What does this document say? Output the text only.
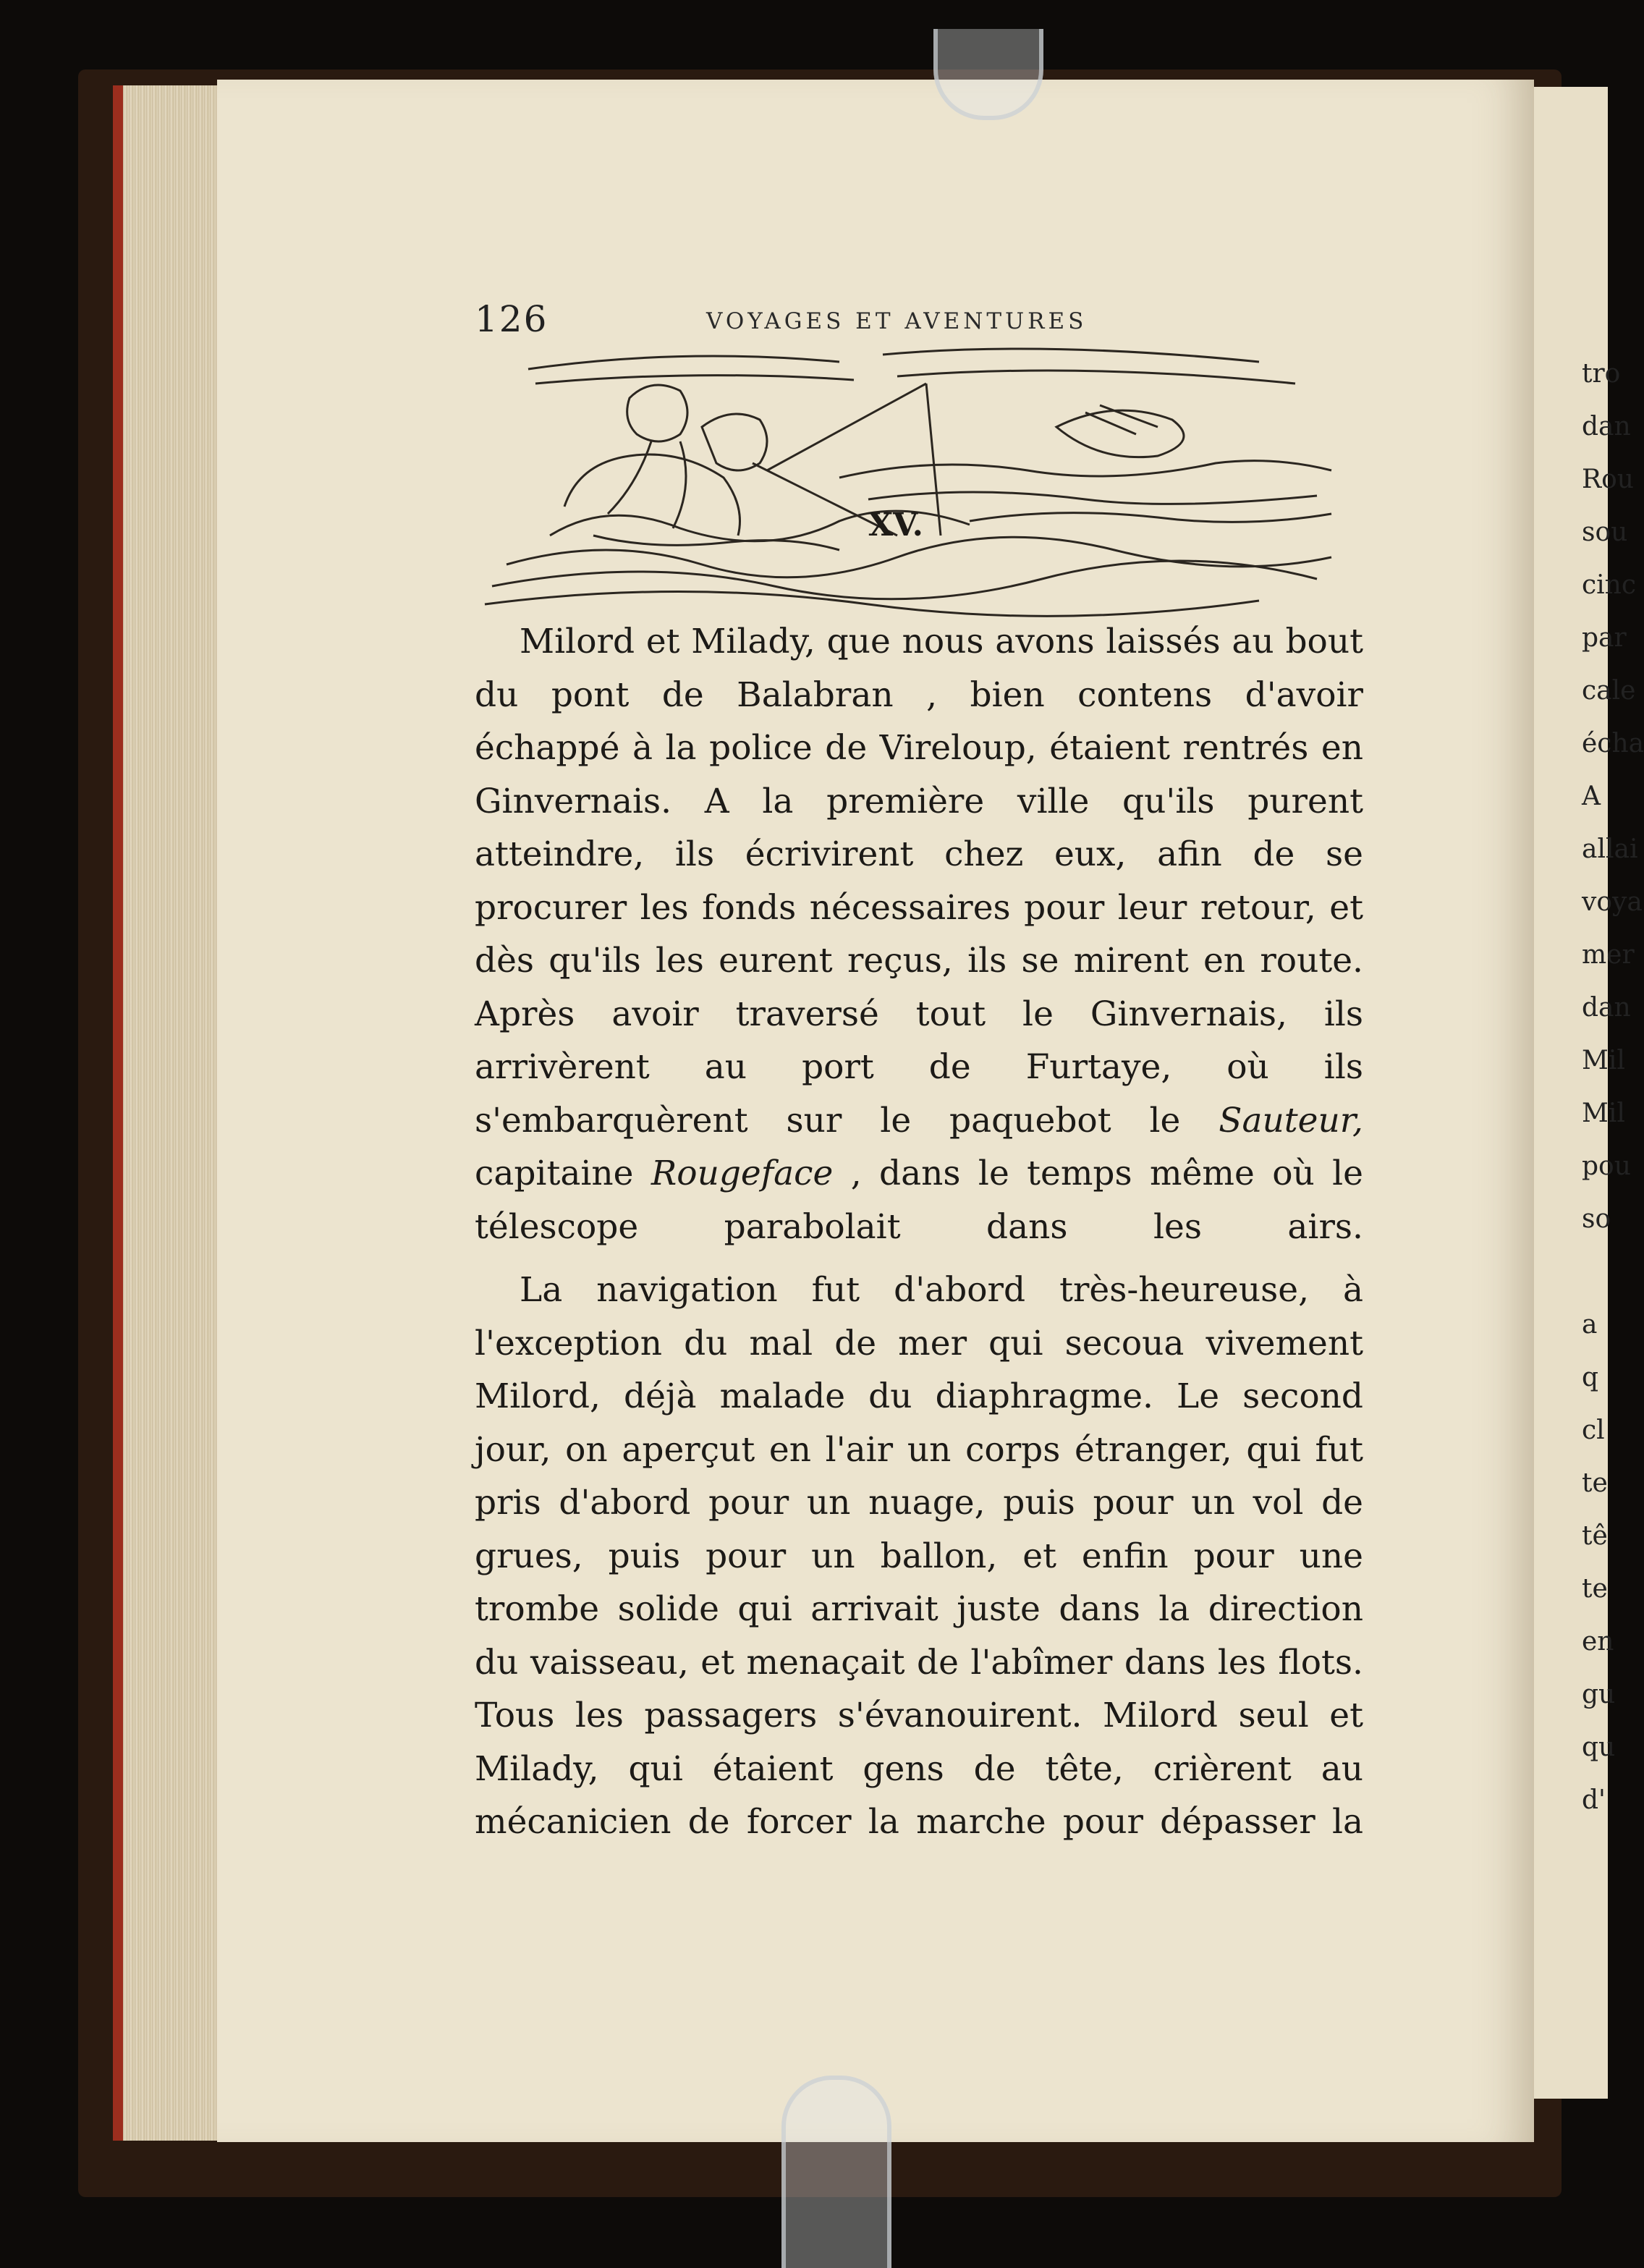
tro
dan
Rou
sou
cinc
par
cale
écha
A
allai
voya
mer
dan
Mil
Mil
pou
so
a
q
cl
te
tê
te
en
gu
qu
d'
126	VOYAGES ET AVENTURES
XV.

Milord et Milady, que nous avons laissés au bout du pont de Balabran , bien contens d'avoir échappé à la police de Vireloup, étaient rentrés en Ginvernais. A la première ville qu'ils purent atteindre, ils écrivirent chez eux, afin de se procurer les fonds nécessaires pour leur retour, et dès qu'ils les eurent reçus, ils se mirent en route. Après avoir traversé tout le Ginvernais, ils arrivèrent au port de Furtaye, où ils s'embarquèrent sur le paquebot le Sauteur, capitaine Rougeface , dans le temps même où le télescope parabolait dans les airs.

La navigation fut d'abord très-heureuse, à l'exception du mal de mer qui secoua vivement Milord, déjà malade du diaphragme. Le second jour, on aperçut en l'air un corps étranger, qui fut pris d'abord pour un nuage, puis pour un vol de grues, puis pour un ballon, et enfin pour une trombe solide qui arrivait juste dans la direction du vaisseau, et menaçait de l'abîmer dans les flots. Tous les passagers s'évanouirent. Milord seul et Milady, qui étaient gens de tête, crièrent au mécanicien de forcer la marche pour dépasser la
